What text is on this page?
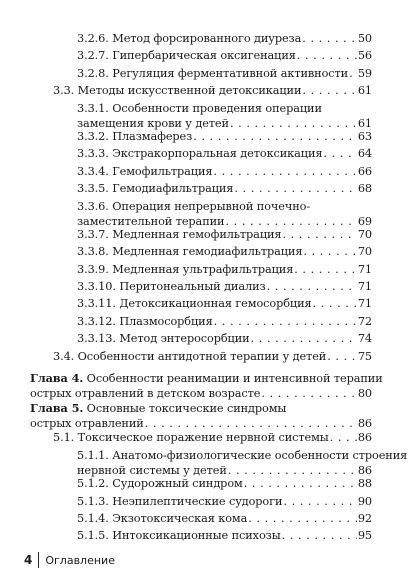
3.2.6. Метод форсированного диуреза . . .	50
3.2.7. Гипербарическая оксигенация . . .	56
3.2.8. Регуляция ферментативной активности . . . 59
3.3. Методы искусственной детоксикации . . .	61
3.3.1. Особенности проведения операции
замещения крови у детей . . .	61
3.3.2. Плазмаферез . . .	63
3.3.3. Экстракорпоральная детоксикация . . .	64
3.3.4. Гемофильтрация . . .	66
3.3.5. Гемодиафильтрация . . .	68
3.3.6. Операция непрерывной почечно-
заместительной терапии . . .	69
3.3.7. Медленная гемофильтрация . . .	70
3.3.8. Медленная гемодиафильтрация . . .	70
3.3.9. Медленная ультрафильтрация . . .	71
3.3.10. Перитонеальный диализ . . .	71
3.3.11. Детоксикационная гемосорбция . . .	71
3.3.12. Плазмосорбция . . .	72
3.3.13. Метод энтеросорбции . . .	74
3.4. Особенности антидотной терапии у детей . . .	75
Глава 4. Особенности реанимации и интенсивной терапии
острых отравлений в детском возрасте . . .	80
Глава 5. Основные токсические синдромы
острых отравлений . . .	86
5.1. Токсическое поражение нервной системы . . .	86
5.1.1. Анатомо-физиологические особенности строения
нервной системы у детей . . .	86
5.1.2. Судорожный синдром . . .	88
5.1.3. Неэпилептические судороги . . .	90
5.1.4. Экзотоксическая кома . . .	92
5.1.5. Интоксикационные психозы . . .	95
4 Оглавление
